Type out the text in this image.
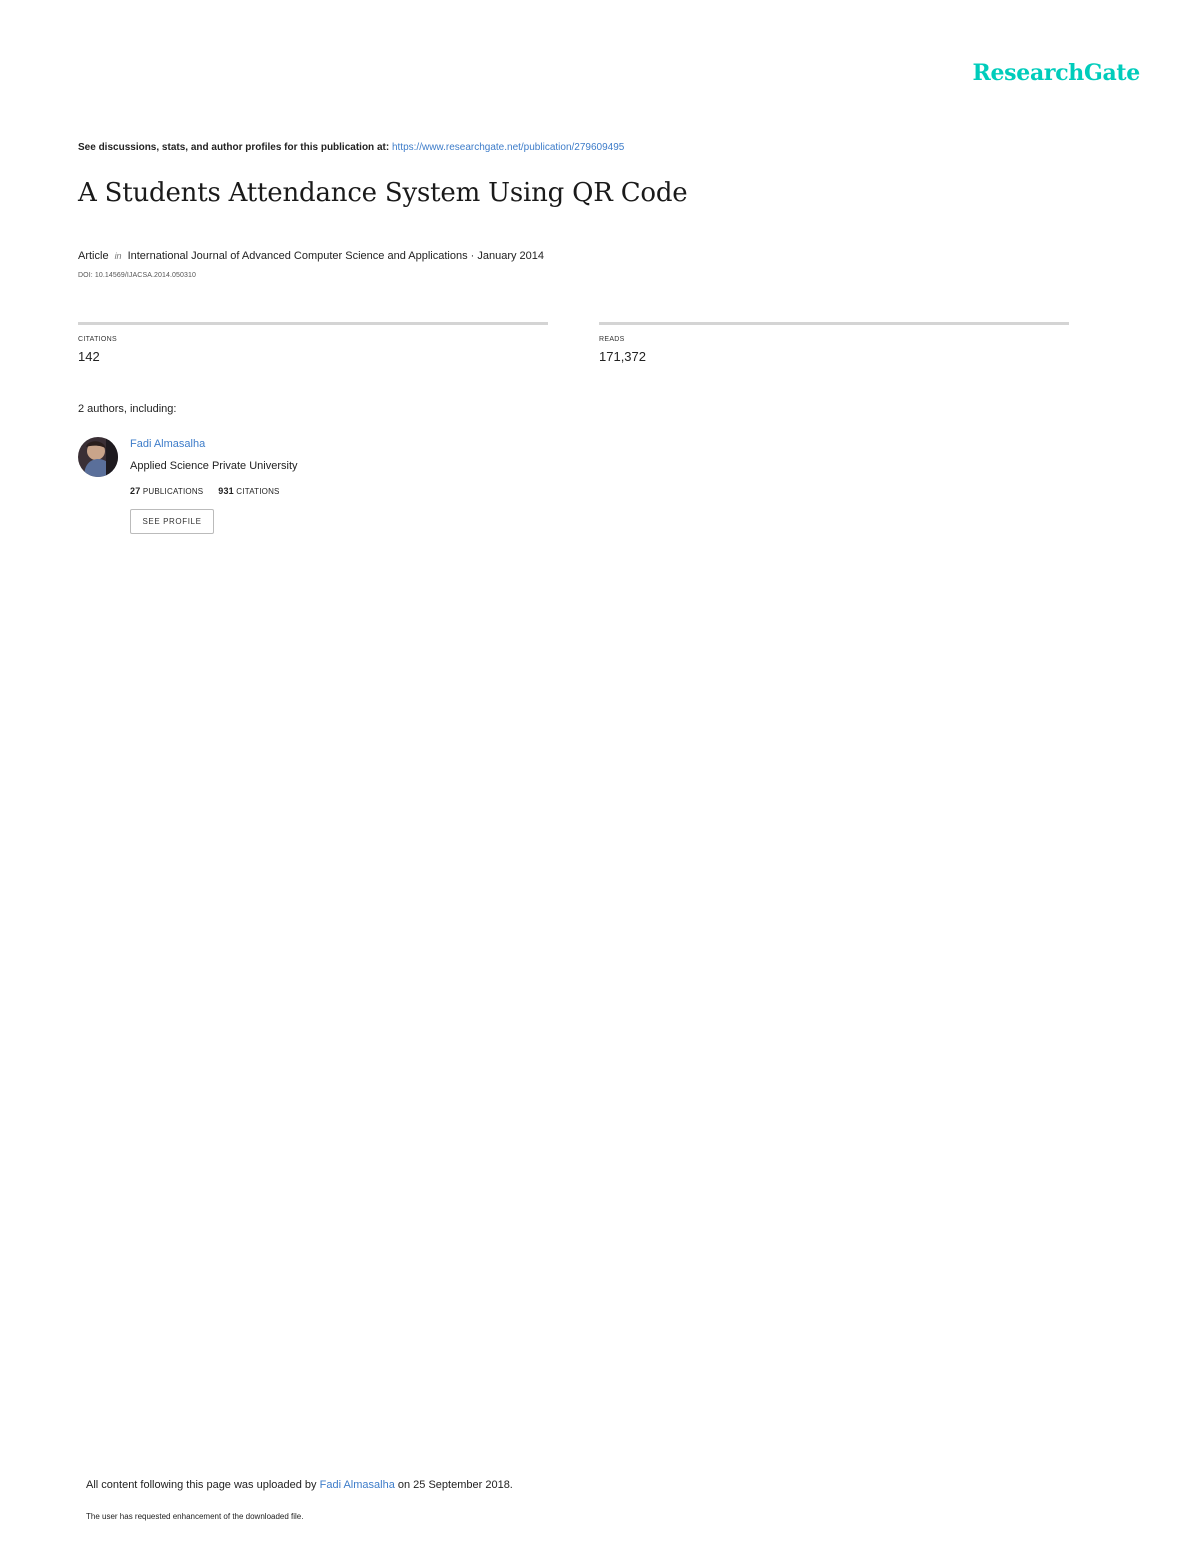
ResearchGate
See discussions, stats, and author profiles for this publication at: https://www.researchgate.net/publication/279609495
A Students Attendance System Using QR Code
Article in International Journal of Advanced Computer Science and Applications · January 2014
DOI: 10.14569/IJACSA.2014.050310
CITATIONS
142
READS
171,372
2 authors, including:
Fadi Almasalha
Applied Science Private University
27 PUBLICATIONS 931 CITATIONS
SEE PROFILE
All content following this page was uploaded by Fadi Almasalha on 25 September 2018.
The user has requested enhancement of the downloaded file.
